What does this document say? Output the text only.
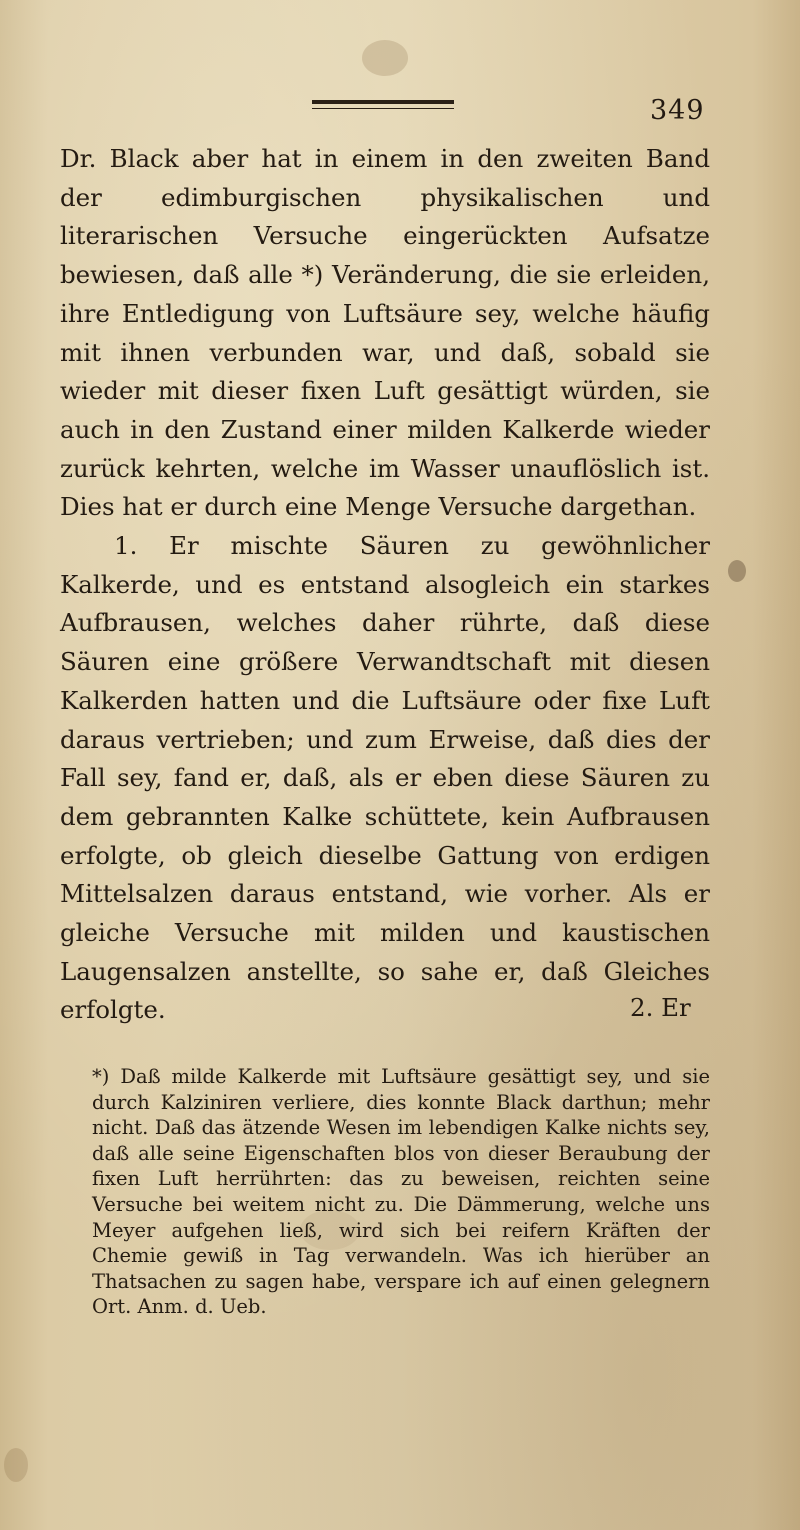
349

Dr. Black aber hat in einem in den zweiten Band der edimburgischen physikalischen und literarischen Versuche eingerückten Aufsatze bewiesen, daß alle *) Veränderung, die sie erleiden, ihre Entledigung von Luftsäure sey, welche häufig mit ihnen verbunden war, und daß, sobald sie wieder mit dieser fixen Luft gesättigt würden, sie auch in den Zustand einer milden Kalkerde wieder zurück kehrten, welche im Wasser unauflöslich ist. Dies hat er durch eine Menge Versuche dargethan.
1. Er mischte Säuren zu gewöhnlicher Kalkerde, und es entstand alsogleich ein starkes Aufbrausen, welches daher rührte, daß diese Säuren eine größere Verwandtschaft mit diesen Kalkerden hatten und die Luftsäure oder fixe Luft daraus vertrieben; und zum Erweise, daß dies der Fall sey, fand er, daß, als er eben diese Säuren zu dem gebrannten Kalke schüttete, kein Aufbrausen erfolgte, ob gleich dieselbe Gattung von erdigen Mittelsalzen daraus entstand, wie vorher. Als er gleiche Versuche mit milden und kaustischen Laugensalzen anstellte, so sahe er, daß Gleiches erfolgte.	2. Er

*) Daß milde Kalkerde mit Luftsäure gesättigt sey, und sie durch Kalziniren verliere, dies konnte Black darthun; mehr nicht. Daß das ätzende Wesen im lebendigen Kalke nichts sey, daß alle seine Eigenschaften blos von dieser Beraubung der fixen Luft herrührten: das zu beweisen, reichten seine Versuche bei weitem nicht zu. Die Dämmerung, welche uns Meyer aufgehen ließ, wird sich bei reifern Kräften der Chemie gewiß in Tag verwandeln. Was ich hierüber an Thatsachen zu sagen habe, verspare ich auf einen gelegnern Ort. Anm. d. Ueb.
